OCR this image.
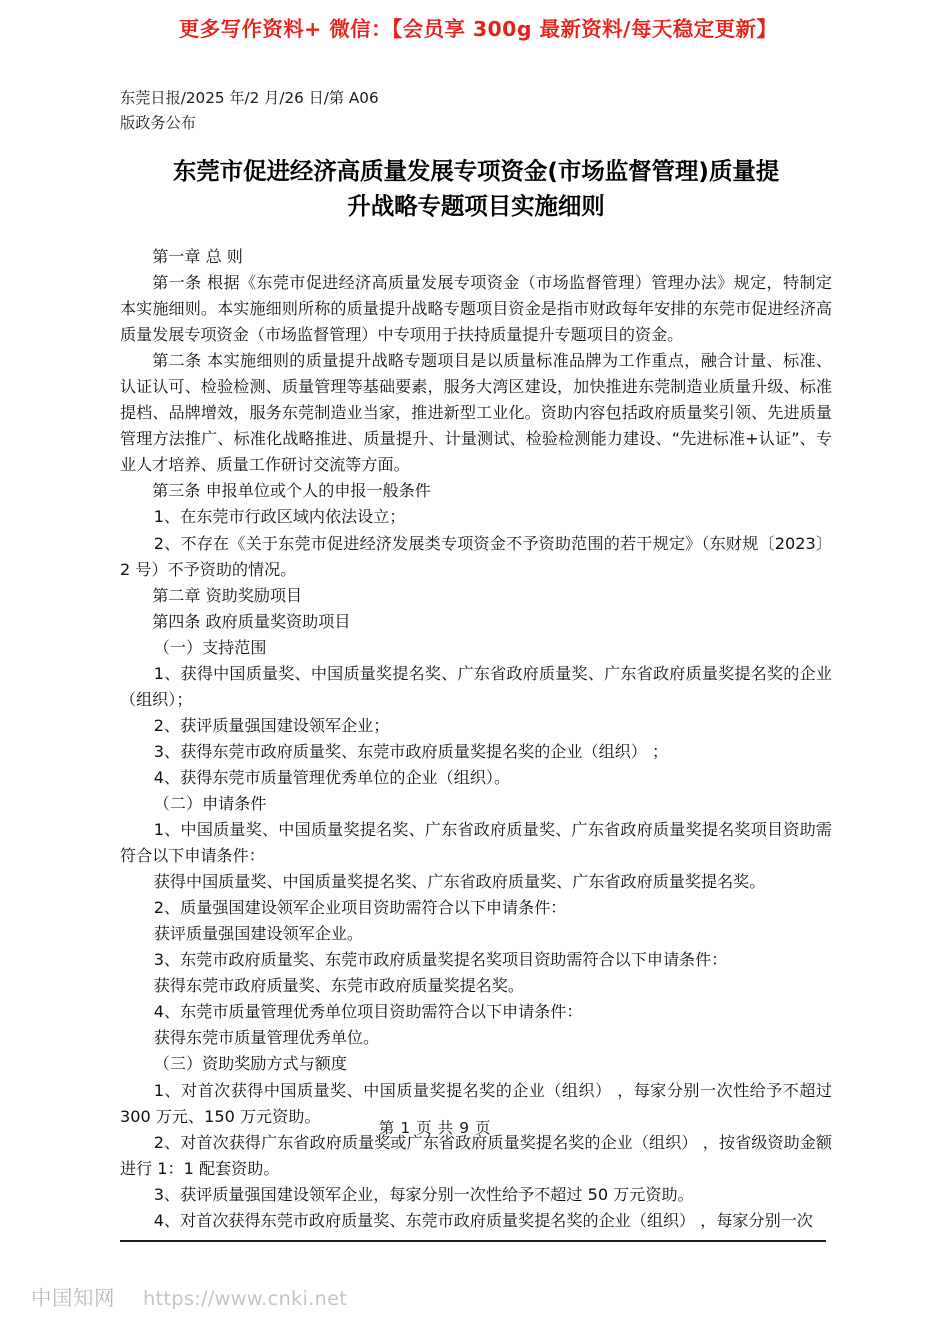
更多写作资料+ 微信：【会员享 300g 最新资料/每天稳定更新】
东莞日报/2025 年/2 月/26 日/第 A06
版政务公布
东莞市促进经济高质量发展专项资金(市场监督管理)质量提
升战略专题项目实施细则

第一章 总 则

第一条 根据《东莞市促进经济高质量发展专项资金（市场监督管理）管理办法》规定，特制定本实施细则。本实施细则所称的质量提升战略专题项目资金是指市财政每年安排的东莞市促进经济高质量发展专项资金（市场监督管理）中专项用于扶持质量提升专题项目的资金。

第二条 本实施细则的质量提升战略专题项目是以质量标准品牌为工作重点，融合计量、标准、认证认可、检验检测、质量管理等基础要素，服务大湾区建设，加快推进东莞制造业质量升级、标准提档、品牌增效，服务东莞制造业当家，推进新型工业化。资助内容包括政府质量奖引领、先进质量管理方法推广、标准化战略推进、质量提升、计量测试、检验检测能力建设、“先进标准+认证”、专业人才培养、质量工作研讨交流等方面。

第三条 申报单位或个人的申报一般条件

1、在东莞市行政区域内依法设立；

2、不存在《关于东莞市促进经济发展类专项资金不予资助范围的若干规定》（东财规〔2023〕2 号）不予资助的情况。

第二章 资助奖励项目

第四条 政府质量奖资助项目

（一）支持范围

1、获得中国质量奖、中国质量奖提名奖、广东省政府质量奖、广东省政府质量奖提名奖的企业（组织）；

2、获评质量强国建设领军企业；

3、获得东莞市政府质量奖、东莞市政府质量奖提名奖的企业（组织） ；

4、获得东莞市质量管理优秀单位的企业（组织）。

（二）申请条件

1、中国质量奖、中国质量奖提名奖、广东省政府质量奖、广东省政府质量奖提名奖项目资助需符合以下申请条件：

获得中国质量奖、中国质量奖提名奖、广东省政府质量奖、广东省政府质量奖提名奖。

2、质量强国建设领军企业项目资助需符合以下申请条件：

获评质量强国建设领军企业。

3、东莞市政府质量奖、东莞市政府质量奖提名奖项目资助需符合以下申请条件：

获得东莞市政府质量奖、东莞市政府质量奖提名奖。

4、东莞市质量管理优秀单位项目资助需符合以下申请条件：

获得东莞市质量管理优秀单位。

（三）资助奖励方式与额度

1、对首次获得中国质量奖、中国质量奖提名奖的企业（组织） ，每家分别一次性给予不超过 300 万元、150 万元资助。

2、对首次获得广东省政府质量奖或广东省政府质量奖提名奖的企业（组织） ，按省级资助金额进行 1：1 配套资助。

3、获评质量强国建设领军企业，每家分别一次性给予不超过 50 万元资助。

4、对首次获得东莞市政府质量奖、东莞市政府质量奖提名奖的企业（组织） ，每家分别一次

第 1 页 共 9 页
中国知网 https://www.cnki.net
